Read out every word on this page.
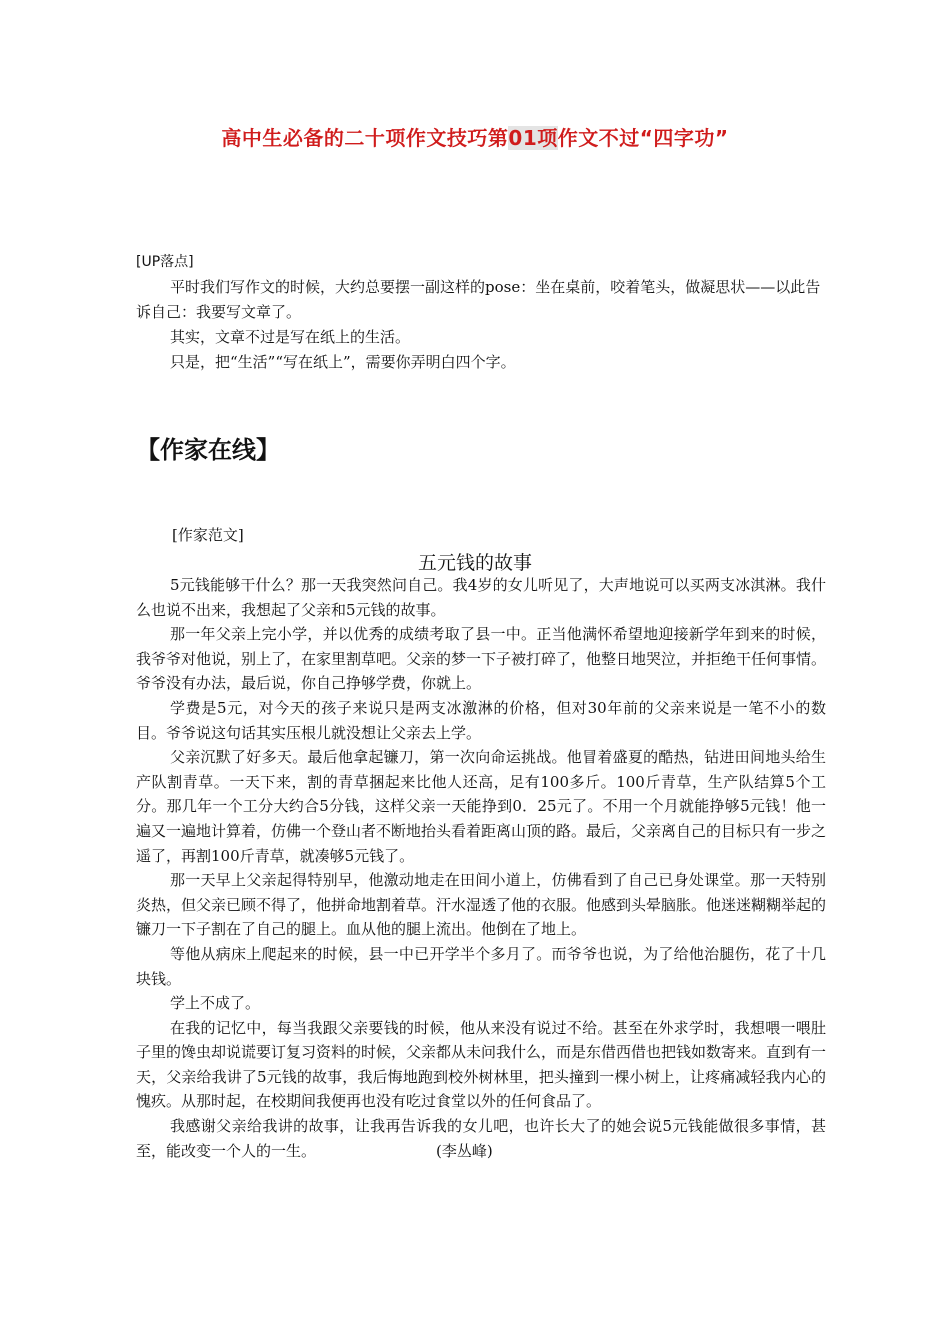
高中生必备的二十项作文技巧第01项作文不过“四字功”

[UP落点]

平时我们写作文的时候，大约总要摆一副这样的pose：坐在桌前，咬着笔头，做凝思状——以此告诉自己：我要写文章了。

其实，文章不过是写在纸上的生活。

只是，把“生活”“写在纸上”，需要你弄明白四个字。

【作家在线】
[作家范文]
五元钱的故事

5元钱能够干什么？那一天我突然问自己。我4岁的女儿听见了，大声地说可以买两支冰淇淋。我什么也说不出来，我想起了父亲和5元钱的故事。

那一年父亲上完小学，并以优秀的成绩考取了县一中。正当他满怀希望地迎接新学年到来的时候，我爷爷对他说，别上了，在家里割草吧。父亲的梦一下子被打碎了，他整日地哭泣，并拒绝干任何事情。爷爷没有办法，最后说，你自己挣够学费，你就上。

学费是5元，对今天的孩子来说只是两支冰激淋的价格，但对30年前的父亲来说是一笔不小的数目。爷爷说这句话其实压根儿就没想让父亲去上学。

父亲沉默了好多天。最后他拿起镰刀，第一次向命运挑战。他冒着盛夏的酷热，钻进田间地头给生产队割青草。一天下来，割的青草捆起来比他人还高，足有100多斤。100斤青草，生产队结算5个工分。那几年一个工分大约合5分钱，这样父亲一天能挣到0．25元了。不用一个月就能挣够5元钱！他一遍又一遍地计算着，仿佛一个登山者不断地抬头看着距离山顶的路。最后，父亲离自己的目标只有一步之遥了，再割100斤青草，就凑够5元钱了。

那一天早上父亲起得特别早，他激动地走在田间小道上，仿佛看到了自己已身处课堂。那一天特别炎热，但父亲已顾不得了，他拼命地割着草。汗水湿透了他的衣服。他感到头晕脑胀。他迷迷糊糊举起的镰刀一下子割在了自己的腿上。血从他的腿上流出。他倒在了地上。

等他从病床上爬起来的时候，县一中已开学半个多月了。而爷爷也说，为了给他治腿伤，花了十几块钱。

学上不成了。

在我的记忆中，每当我跟父亲要钱的时候，他从来没有说过不给。甚至在外求学时，我想喂一喂肚子里的馋虫却说谎要订复习资料的时候，父亲都从未问我什么，而是东借西借也把钱如数寄来。直到有一天，父亲给我讲了5元钱的故事，我后悔地跑到校外树林里，把头撞到一棵小树上，让疼痛减轻我内心的愧疚。从那时起，在校期间我便再也没有吃过食堂以外的任何食品了。

我感谢父亲给我讲的故事，让我再告诉我的女儿吧，也许长大了的她会说5元钱能做很多事情，甚至，能改变一个人的一生。	(李丛峰)
